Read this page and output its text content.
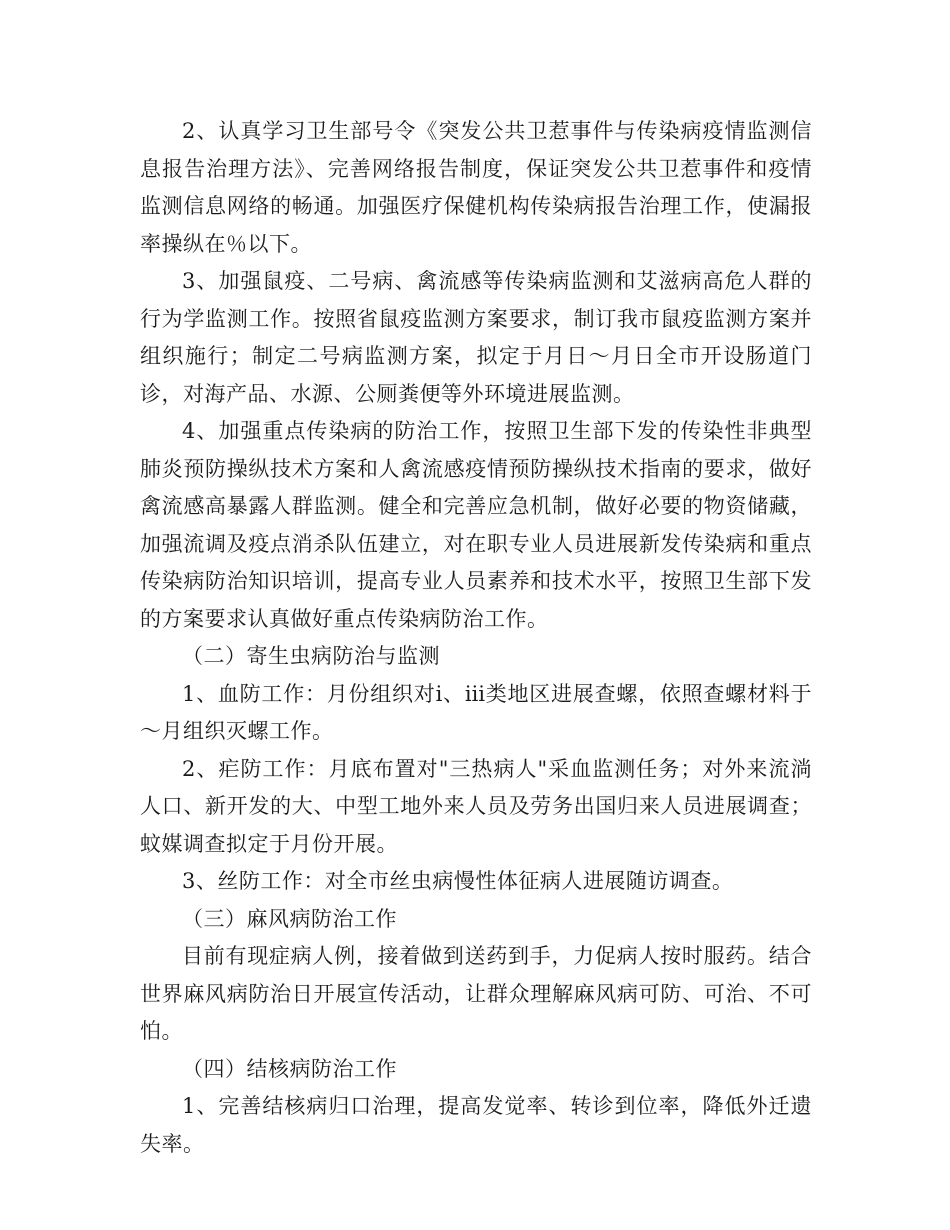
2、认真学习卫生部号令《突发公共卫惹事件与传染病疫情监测信息报告治理方法》、完善网络报告制度，保证突发公共卫惹事件和疫情监测信息网络的畅通。加强医疗保健机构传染病报告治理工作，使漏报率操纵在％以下。

3、加强鼠疫、二号病、禽流感等传染病监测和艾滋病高危人群的行为学监测工作。按照省鼠疫监测方案要求，制订我市鼠疫监测方案并组织施行；制定二号病监测方案，拟定于月日～月日全市开设肠道门诊，对海产品、水源、公厕粪便等外环境进展监测。

4、加强重点传染病的防治工作，按照卫生部下发的传染性非典型肺炎预防操纵技术方案和人禽流感疫情预防操纵技术指南的要求，做好禽流感高暴露人群监测。健全和完善应急机制，做好必要的物资储藏，加强流调及疫点消杀队伍建立，对在职专业人员进展新发传染病和重点传染病防治知识培训，提高专业人员素养和技术水平，按照卫生部下发的方案要求认真做好重点传染病防治工作。

（二）寄生虫病防治与监测

1、血防工作：月份组织对ⅰ、ⅲ类地区进展查螺，依照查螺材料于～月组织灭螺工作。

2、疟防工作：月底布置对"三热病人"采血监测任务；对外来流淌人口、新开发的大、中型工地外来人员及劳务出国归来人员进展调查；蚊媒调查拟定于月份开展。

3、丝防工作：对全市丝虫病慢性体征病人进展随访调查。

（三）麻风病防治工作

目前有现症病人例，接着做到送药到手，力促病人按时服药。结合世界麻风病防治日开展宣传活动，让群众理解麻风病可防、可治、不可怕。

（四）结核病防治工作

1、完善结核病归口治理，提高发觉率、转诊到位率，降低外迁遗失率。
